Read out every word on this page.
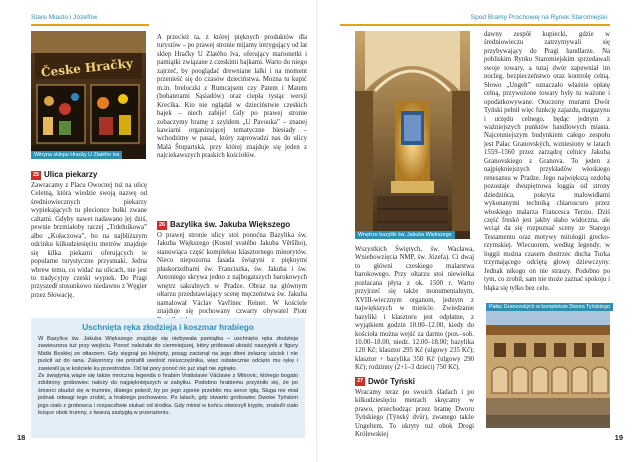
Stare Miasto i Józefów
Česke Hračky
Witryna sklepu Hracky U Zlatého lva

A przecież ta, z której pięknych produktów dla turystów – po prawej stronie mijamy intrygujący od lat sklep Hračky U Zlatého lva, oferujący marionetki i pamiątki związane z czeskimi bajkami. Warto do niego zajrzeć, by pooglądać drewniane lalki i na moment przenieść się do czasów dzieciństwa. Można tu kupić m.in. breloczki z Rumcajsem czy Patem i Matem (bohaterami Sąsiadów) oraz ciepła tysiąc wersji Krecika. Kto nie oglądał w dzieciństwie czeskich bajek – niech zabije! Gdy po prawej stronie zobaczymy bramę z szyldem „U Pavouka” – znanej kawiarni organizującej tematyczne biesiady – wchodzimy w pasaż, który zaprowadzi nas do ulicy Malá Štupartská, przy której znajduje się jeden z najciekawszych praskich kościołów.

25 Ulica piekarzy

Zawracamy z Placu Owocnej tuż na ulicę Celetną, która wiedzie swoją nazwę od średniowiecznych piekarzy wypiekających tu plecionce bułki zwane caltami. Gdyby nawet nadawano jej dziś, pewnie brzmiałoby raczej „Trdelníkowa” albo „Kołaczowa”, bo na najbliższym odcinku kilkudziesięciu metrów znajduje się kilka piekarni oferujących te popularne turystyczne przysmaki. Jedna wbrew temu, co widać na ulicach, nie jest to tradycyjny czeski wypiek. Do Pragi przyszedł stosunkowo niedawno z Węgier przez Słowację.

26 Bazylika św. Jakuba Większego

O prawej stronie ulicy stoi ponoćna Bazylika św. Jakuba Większego (Kostel svatého Jakuba Většího), stanowiąca część kompleksu klasztornego minorytów. Nieco niepozorna fasada świątyni z pięknymi płaskorzeźbami św. Franciszka, św. Jakuba i św. Antoniego skrywa jedno z najbogatszych barokowych wnętrz sakralnych w Pradze. Obraz na głównym ołtarzu przedstawiający scenę męczeństwa św. Jakuba namalował Václav Vavřinec Reiner. W kościele znajduje się pochowany czwarty obywatel Piotr

Uschnięta ręka złodzieja i koszmar hrabiego

W Bazylice św. Jakuba Większego znajduje się niebywała pamiątka – uschnięta ręka złodzieja zawieszona tuż przy wejściu. Ponoć należała do ciemniejszej, który próbował ukraść naszyjnik z figury Matki Boskiej ze ołtarzem. Gdy sięgnął po klejnoty, posąg zacisnął na jego dłoni żelazny uścisk i nie puścił aż do rana. Zakonnicy nie potrafili uwolnić nieszczęśnika, więc ostatecznie odcięto mu rękę i zawiesili ją w kościele ku przestrodze. Od lat pory ponoć nic już stąd nie zginęło.

Ze świątynią wiąże się także mroczna legenda o hrabim Vratislavie Václavie z Mitrovic, którego bogato zdobiony grobowiec należy do najpiękniejszych w zabytku. Podobno hrabiemu przyśniło się, że po śmierci obudzi się w trumnie, dlatego polecił, by po jego zgonie przebito mu serce igłą. Sługa nie miał jednak odwagi tego zrobić, a hrabiego pochowano. Po latach, gdy otwarto grobowiec Dwoke Tyńskim jego ciało z grobowca i rozpaczliwie stukać od środka. Gdy minisi w końcu otworzyli krypte, znaleźli ciało leżące obok trumny, z twarzą zastygłą w przerażeniu.

18
Spod Bramy Prochowej na Rynek Staromiejski
Wnętrze bazyliki św. Jakuba Większego

dawny zespół kupiecki, gdzie w średniowieczu zatrzymywali się przybywający do Pragi handlarze. Na pobliskim Rynku Staromiejskim sprzedawali swoje towary, a tutaj dwór zapewniał im nocleg, bezpieczeństwo oraz kontrolę celną. Słowo „Ungelt” oznaczało właśnie opłatę celną, przywożone towary były tu ważone i opodatkowywane. Otoczony murami Dwór Tyński pełnił więc funkcję zajazdu, magazynu i urzędu celnego, będąc jednym z ważniejszych punktów handlowych miasta. Najcenniejszym budynkiem całego zespołu jest Pałac Granovských, wzniesiony w latach 1559–1560 przez zarządcę celnicy Jakuba Granovskiego z Granova. To jeden z najpiękniejszych przykładów włoskiego renesansu w Pradze. Jego największą ozdobą pozostaje dwupiętrowa loggia od strony dziedzińca, pokryta malowidłami wykonanymi techniką chiaroscuro przez włoskiego malarza Francesca Terzio. Dziś część freskó jest jakby słabo widoczna, ale wciąż da się rozpoznać sceny ze Starego Testamentu oraz motywy mitologii grecko-rzymskiej. Wiecuorem, według legendy, w loggii można czasem dostrzec ducha Turka trzymającego odciętą głowę dziewczyny. Jednak nikogo on nie straszy. Podobno po tym, co zrobił, sam nie może zaznać spokoju i błąka się tylko bez celu.

Wszystkich Świętych, św. Wacława, Wniebowzięcia NMP, św. Józefa). Ci dwaj to główni czeskiego malarstwa barokowego. Przy ołtarzu stoi niewielka pozłacana płyta z ok. 1500 r. Warto przyjrzeć się także monumentalnym, XVIII-wiecznym organom, jednym z największych w mieście. Zwiedzanie bazyliki i klasztoru jest odpłatne, z wyjątkiem godzin 10.00–12.00, kiedy do kościoła można wejść za darmo (pon.–sob. 10.00–18.00, niedz. 12.00–18.00; bazylika 120 Kč; klasztor 295 Kč (ulgowy 235 Kč); klasztor + bazylika 350 Kč (ulgowy 290 Kč); rodzinny (2+1–3 dzieci) 750 Kč).

27 Dwór Tyński

Wracamy teraz po swoich śladach i po kilkudziesięciu metrach skręcamy w prawo, przechodząc przez bramę Dworu Tyńskiego (Týnský dvůr), zwanego także Ungeltem. To ukryty tuż obok Drogi Królewskiej

Pałac Granovských w kompleksie Dwora Tyńskiego
19
